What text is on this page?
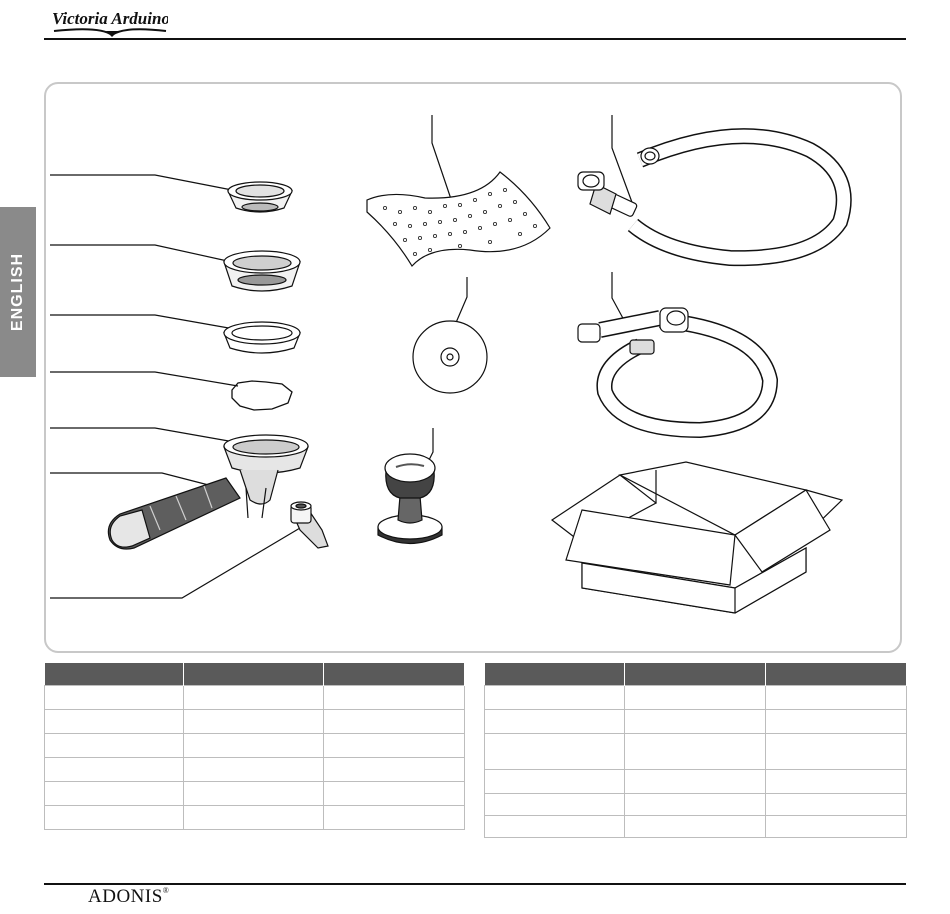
Victoria Arduino
ENGLISH

ADONIS®
